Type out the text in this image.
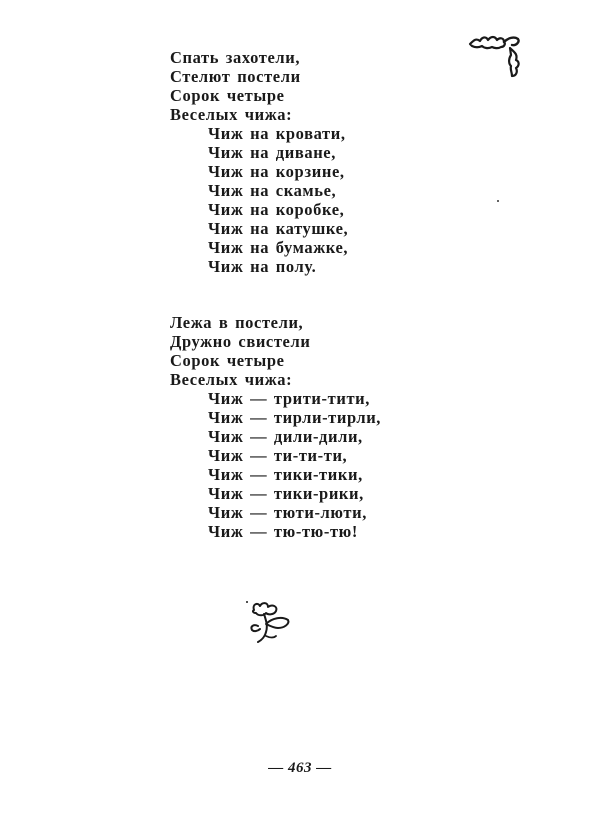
Спать захотели,
Стелют постели
Сорок четыре
Веселых чижа:
Чиж на кровати,
Чиж на диване,
Чиж на корзине,
Чиж на скамье,
Чиж на коробке,
Чиж на катушке,
Чиж на бумажке,
Чиж на полу.
Лежа в постели,
Дружно свистели
Сорок четыре
Веселых чижа:
Чиж — трити-тити,
Чиж — тирли-тирли,
Чиж — дили-дили,
Чиж — ти-ти-ти,
Чиж — тики-тики,
Чиж — тики-рики,
Чиж — тюти-люти,
Чиж — тю-тю-тю!
— 463 —
